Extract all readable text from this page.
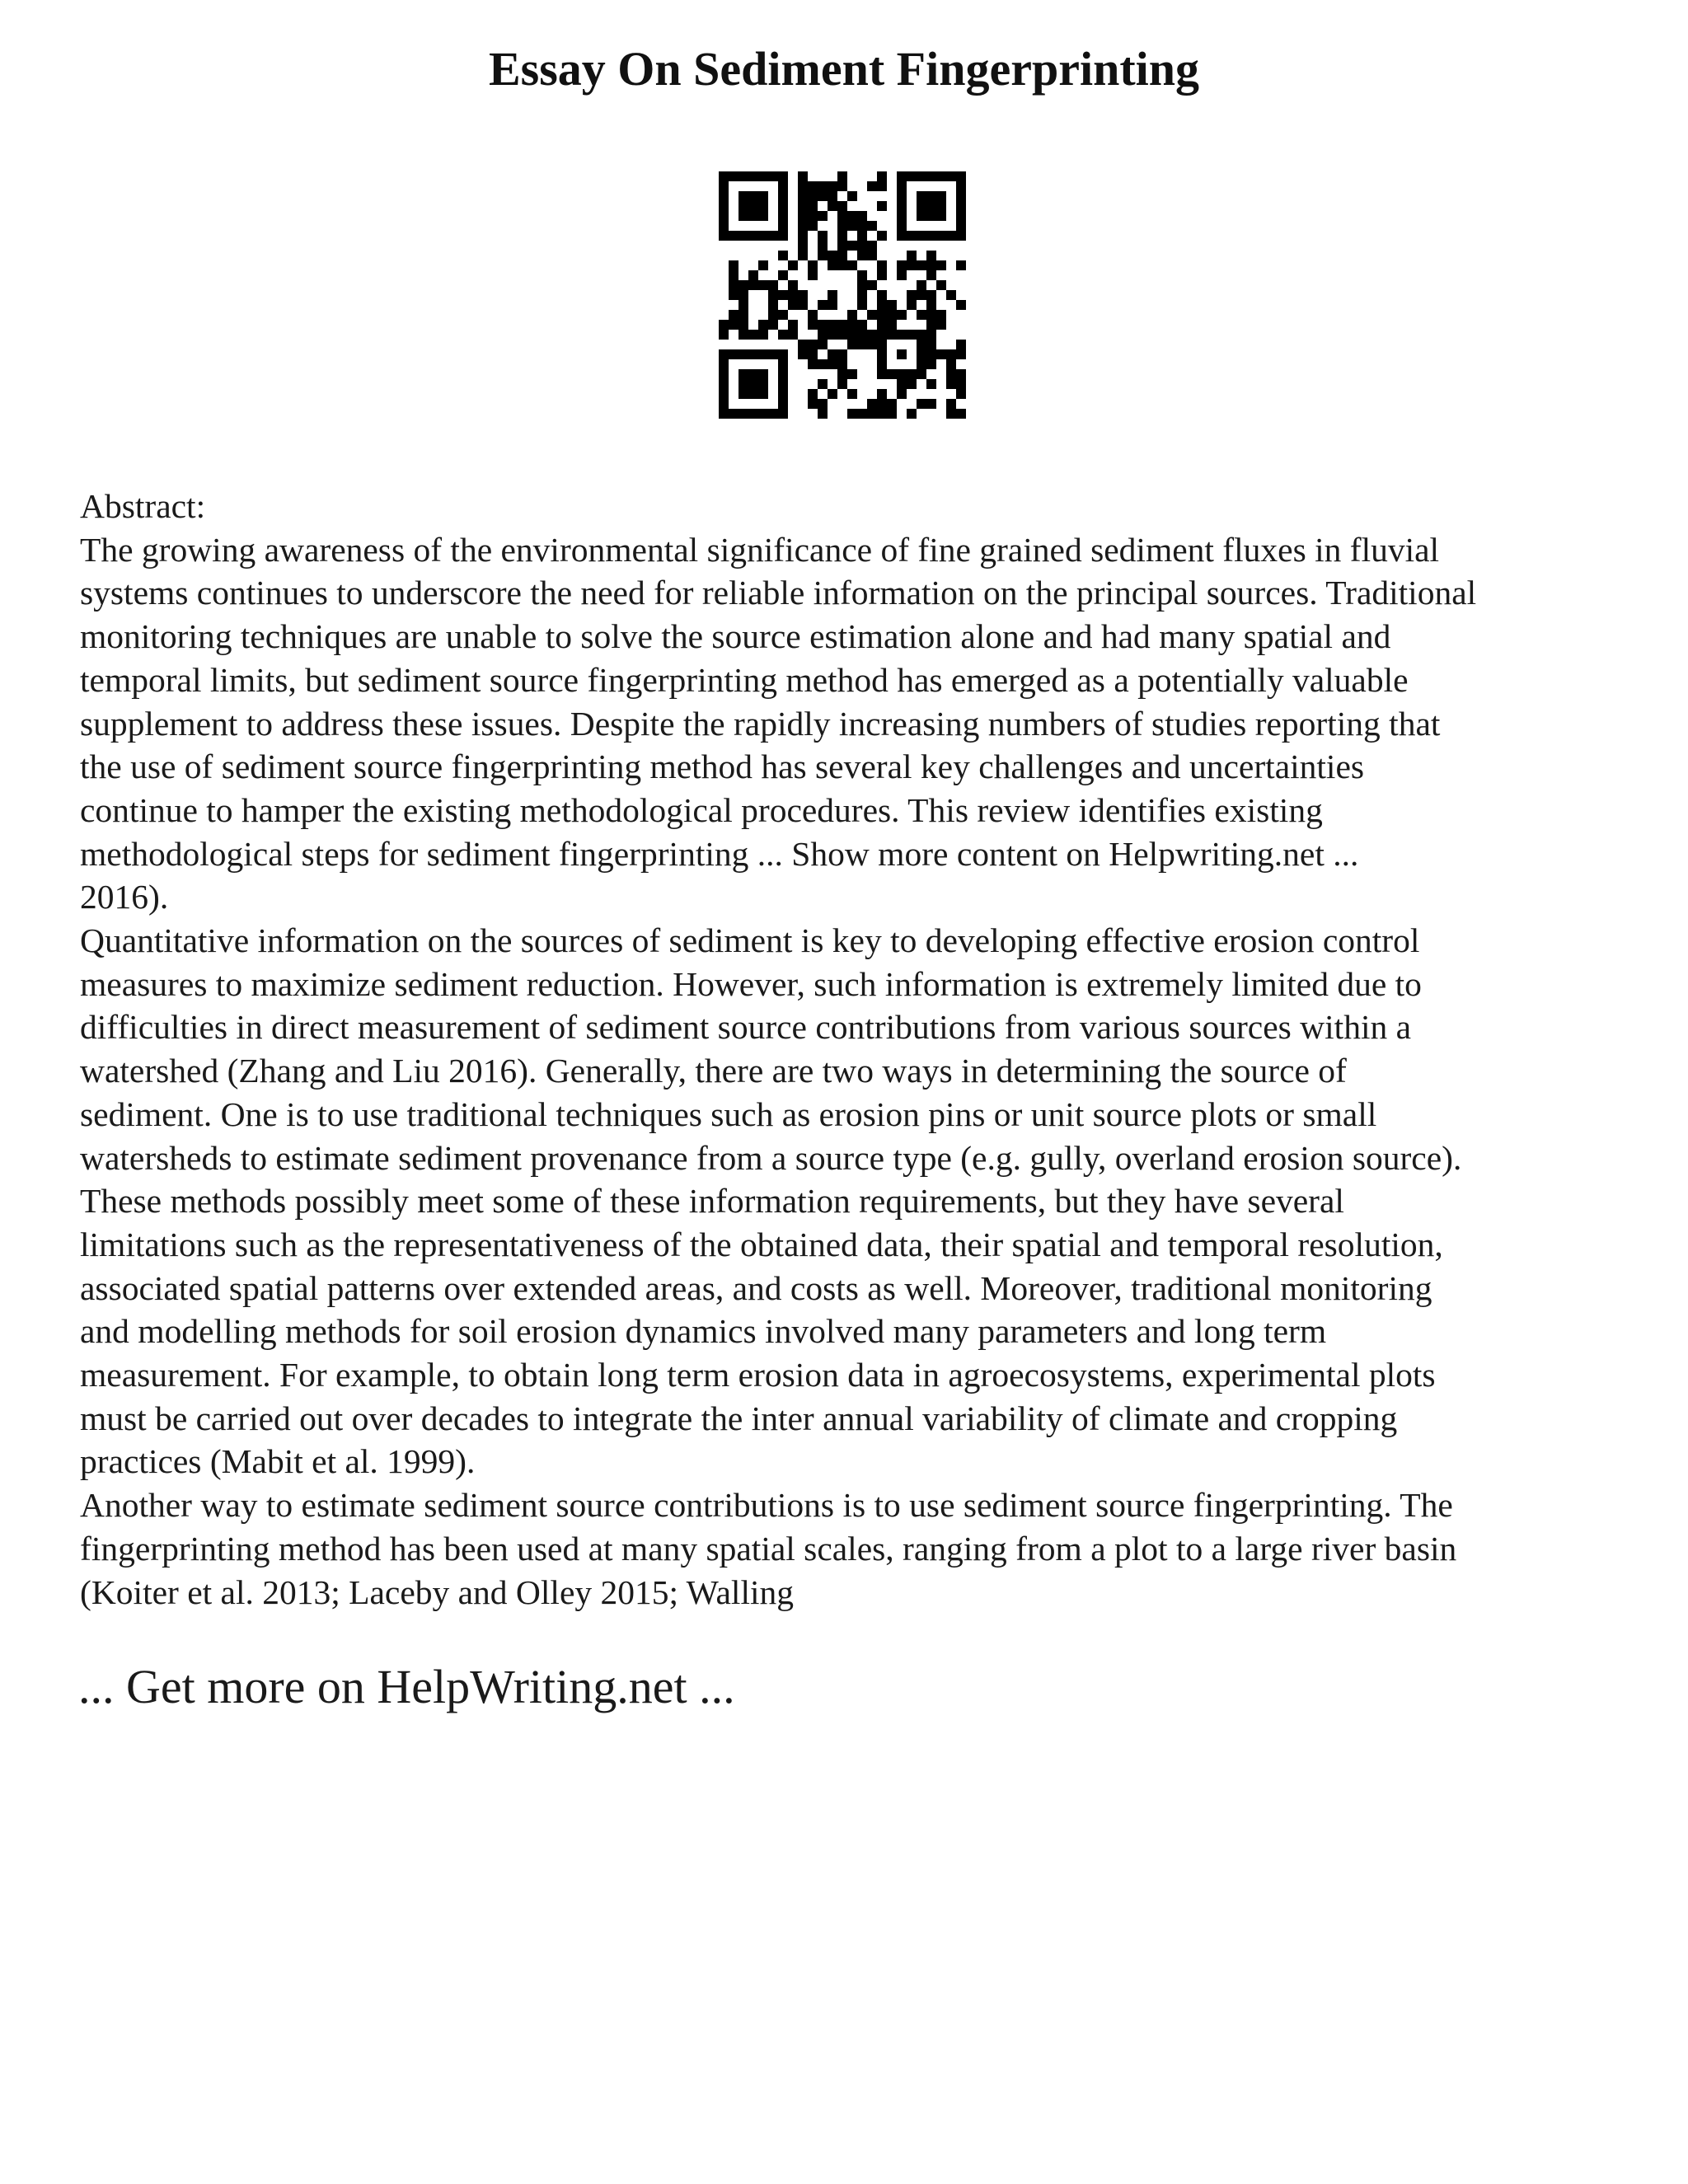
Essay On Sediment Fingerprinting
Abstract:
The growing awareness of the environmental significance of fine grained sediment fluxes in fluvial
systems continues to underscore the need for reliable information on the principal sources. Traditional
monitoring techniques are unable to solve the source estimation alone and had many spatial and
temporal limits, but sediment source fingerprinting method has emerged as a potentially valuable
supplement to address these issues. Despite the rapidly increasing numbers of studies reporting that
the use of sediment source fingerprinting method has several key challenges and uncertainties
continue to hamper the existing methodological procedures. This review identifies existing
methodological steps for sediment fingerprinting ... Show more content on Helpwriting.net ...
2016).
Quantitative information on the sources of sediment is key to developing effective erosion control
measures to maximize sediment reduction. However, such information is extremely limited due to
difficulties in direct measurement of sediment source contributions from various sources within a
watershed (Zhang and Liu 2016). Generally, there are two ways in determining the source of
sediment. One is to use traditional techniques such as erosion pins or unit source plots or small
watersheds to estimate sediment provenance from a source type (e.g. gully, overland erosion source).
These methods possibly meet some of these information requirements, but they have several
limitations such as the representativeness of the obtained data, their spatial and temporal resolution,
associated spatial patterns over extended areas, and costs as well. Moreover, traditional monitoring
and modelling methods for soil erosion dynamics involved many parameters and long term
measurement. For example, to obtain long term erosion data in agroecosystems, experimental plots
must be carried out over decades to integrate the inter annual variability of climate and cropping
practices (Mabit et al. 1999).
Another way to estimate sediment source contributions is to use sediment source fingerprinting. The
fingerprinting method has been used at many spatial scales, ranging from a plot to a large river basin
(Koiter et al. 2013; Laceby and Olley 2015; Walling
... Get more on HelpWriting.net ...
